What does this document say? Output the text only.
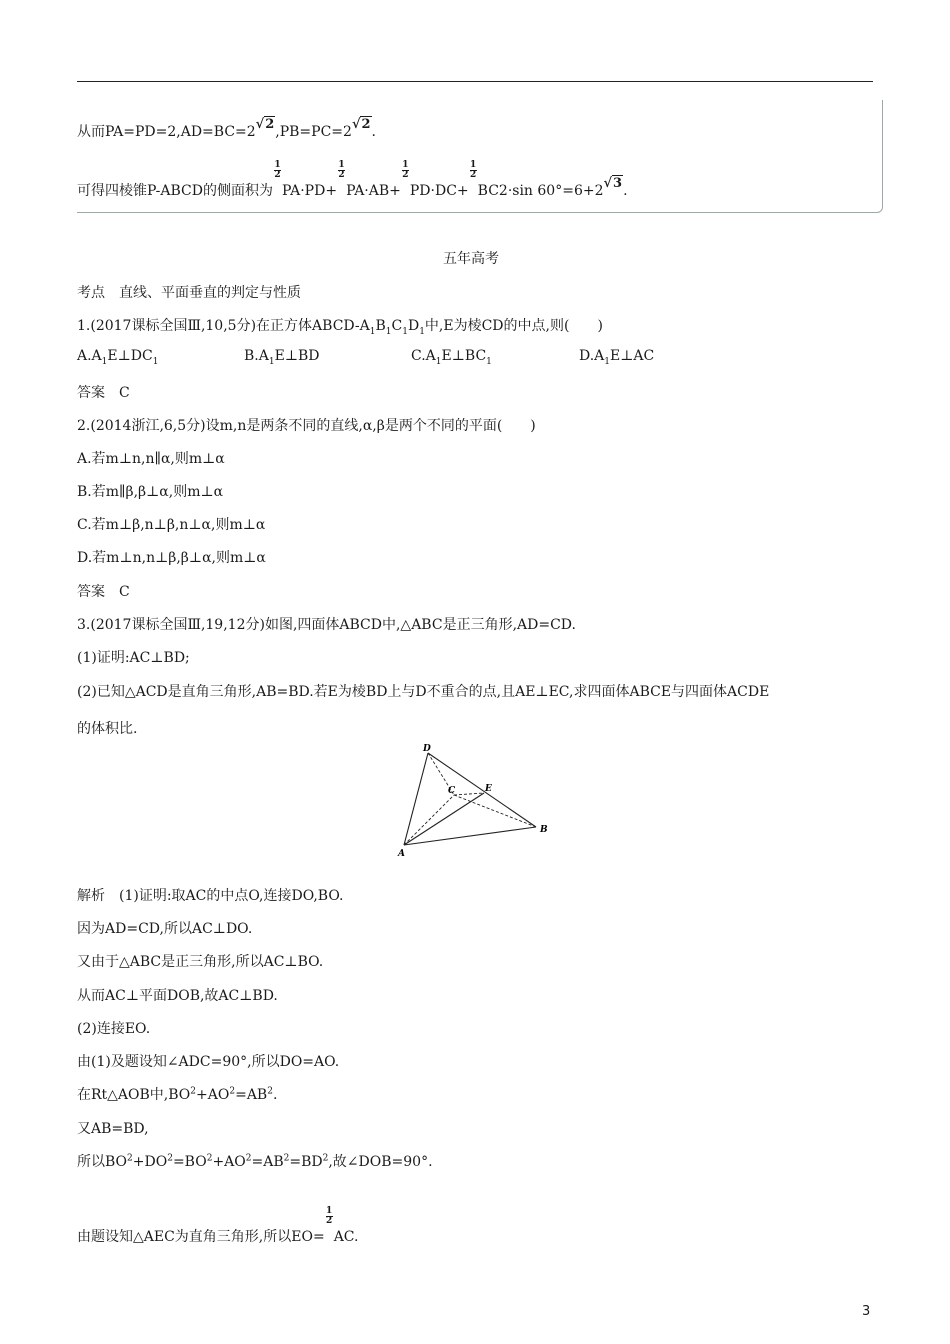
从而PA=PD=2,AD=BC=2√2,PB=PC=2√2.
可得四棱锥P-ABCD的侧面积为
1
2
PA·PD+
1
2
PA·AB+
1
2
PD·DC+
1
2
BC2·sin 60°=6+2√3.
五年高考
考点　直线、平面垂直的判定与性质
1.(2017课标全国Ⅲ,10,5分)在正方体ABCD-$A_1B_1C_1D_1$中,E为棱CD的中点,则(　　)
$A.A_1E\perp DC_1$	$B.A_1E\perp BD$	$C.A_1E\perp BC_1$	$D.A_1E\perp AC$
答案　C
2.(2014浙江,6,5分)设m,n是两条不同的直线,α,β是两个不同的平面(　　)
A.若m⊥n,n∥α,则m⊥α
B.若m∥β,β⊥α,则m⊥α
C.若m⊥β,n⊥β,n⊥α,则m⊥α
D.若m⊥n,n⊥β,β⊥α,则m⊥α
答案　C
3.(2017课标全国Ⅲ,19,12分)如图,四面体ABCD中,△ABC是正三角形,AD=CD.
(1)证明:AC⊥BD;
(2)已知△ACD是直角三角形,AB=BD.若E为棱BD上与D不重合的点,且AE⊥EC,求四面体ABCE与四面体ACDE
的体积比.
D
C	E
B
A
解析　(1)证明:取AC的中点O,连接DO,BO.
因为AD=CD,所以AC⊥DO.
又由于△ABC是正三角形,所以AC⊥BO.
从而AC⊥平面DOB,故AC⊥BD.
(2)连接EO.
由(1)及题设知∠ADC=90°,所以DO=AO.
在Rt△AOB中$,BO^2+AO^2=AB^2$.
又AB=BD,
所以$BO^2+DO^2=BO^2+AO^2=AB^2=BD^2$,故∠DOB=90°.
由题设知△AEC为直角三角形,所以EO=
1
2
AC.
3
